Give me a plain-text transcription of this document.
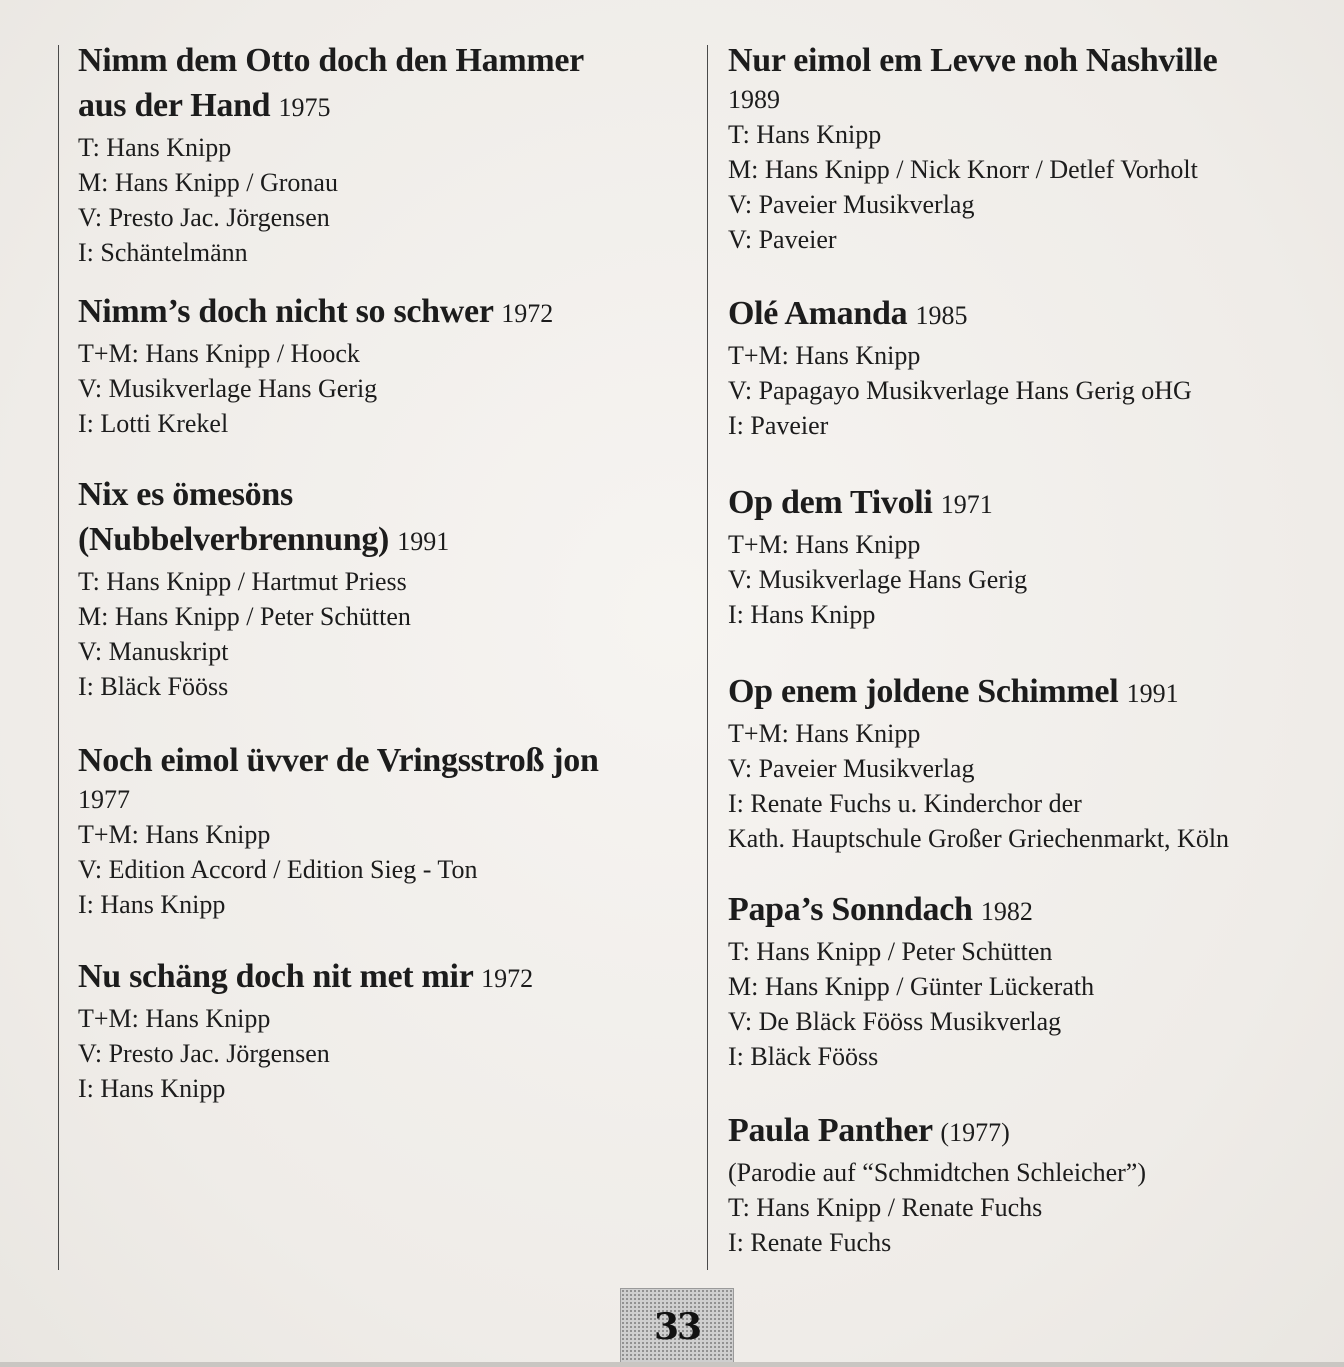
Nimm dem Otto doch den Hammer
aus der Hand 1975
T: Hans Knipp
M: Hans Knipp / Gronau
V: Presto Jac. Jörgensen
I: Schäntelmänn
Nimm’s doch nicht so schwer 1972
T+M: Hans Knipp / Hoock
V: Musikverlage Hans Gerig
I: Lotti Krekel
Nix es ömesöns
(Nubbelverbrennung) 1991
T: Hans Knipp / Hartmut Priess
M: Hans Knipp / Peter Schütten
V: Manuskript
I: Bläck Fööss
Noch eimol üvver de Vringsstroß jon
1977
T+M: Hans Knipp
V: Edition Accord / Edition Sieg - Ton
I: Hans Knipp
Nu schäng doch nit met mir 1972
T+M: Hans Knipp
V: Presto Jac. Jörgensen
I: Hans Knipp
Nur eimol em Levve noh Nashville
1989
T: Hans Knipp
M: Hans Knipp / Nick Knorr / Detlef Vorholt
V: Paveier Musikverlag
V: Paveier
Olé Amanda 1985
T+M: Hans Knipp
V: Papagayo Musikverlage Hans Gerig oHG
I: Paveier
Op dem Tivoli 1971
T+M: Hans Knipp
V: Musikverlage Hans Gerig
I: Hans Knipp
Op enem joldene Schimmel 1991
T+M: Hans Knipp
V: Paveier Musikverlag
I: Renate Fuchs u. Kinderchor der
Kath. Hauptschule Großer Griechenmarkt, Köln
Papa’s Sonndach 1982
T: Hans Knipp / Peter Schütten
M: Hans Knipp / Günter Lückerath
V: De Bläck Fööss Musikverlag
I: Bläck Fööss
Paula Panther (1977)
(Parodie auf “Schmidtchen Schleicher”)
T: Hans Knipp / Renate Fuchs
I: Renate Fuchs
33
